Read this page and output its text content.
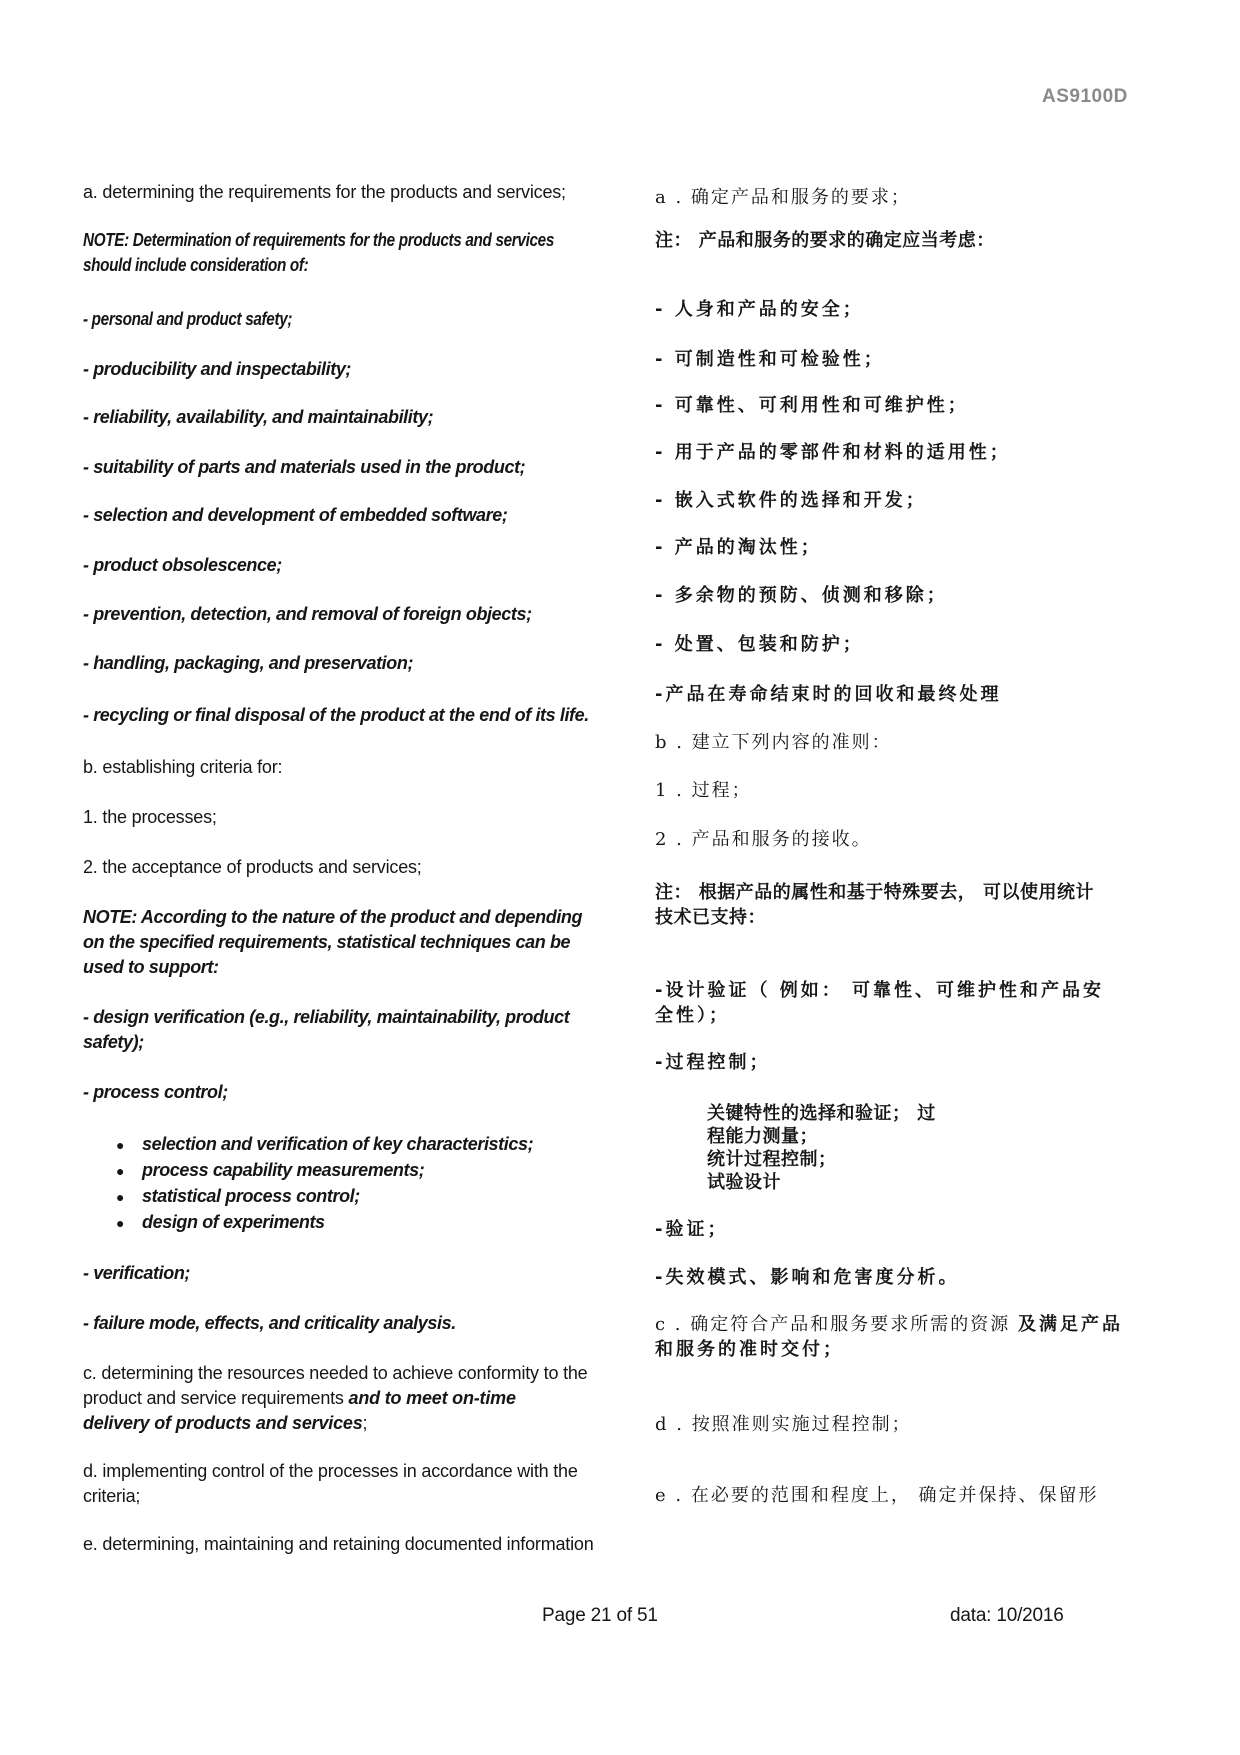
AS9100D
a. determining the requirements for the products and services;
NOTE: Determination of requirements for the products and services
should include consideration of:
- personal and product safety;
- producibility and inspectability;
- reliability, availability, and maintainability;
- suitability of parts and materials used in the product;
- selection and development of embedded software;
- product obsolescence;
- prevention, detection, and removal of foreign objects;
- handling, packaging, and preservation;
- recycling or final disposal of the product at the end of its life.
b. establishing criteria for:
1. the processes;
2. the acceptance of products and services;
NOTE: According to the nature of the product and depending
on the specified requirements, statistical techniques can be
used to support:
- design verification (e.g., reliability, maintainability, product
safety);
- process control;
● selection and verification of key characteristics;
● process capability measurements;
● statistical process control;
● design of experiments
- verification;
- failure mode, effects, and criticality analysis.
c. determining the resources needed to achieve conformity to the
product and service requirements and to meet on-time
delivery of products and services;
d. implementing control of the processes in accordance with the
criteria;
e. determining, maintaining and retaining documented information
a . 确定产品和服务的要求；
注： 产品和服务的要求的确定应当考虑：
- 人身和产品的安全；
- 可制造性和可检验性；
- 可靠性、可利用性和可维护性；
- 用于产品的零部件和材料的适用性；
- 嵌入式软件的选择和开发；
- 产品的淘汰性；
- 多余物的预防、侦测和移除；
- 处置、包装和防护；
-产品在寿命结束时的回收和最终处理
b . 建立下列内容的准则：
1 . 过程；
2 . 产品和服务的接收。
注： 根据产品的属性和基于特殊要去， 可以使用统计
技术已支持：
-设计验证（ 例如： 可靠性、可维护性和产品安
全性）；
-过程控制；
关键特性的选择和验证； 过
程能力测量；
统计过程控制；
试验设计
-验证；
-失效模式、影响和危害度分析。
c . 确定符合产品和服务要求所需的资源 及满足产品
和服务的准时交付；
d . 按照准则实施过程控制；
e . 在必要的范围和程度上， 确定并保持、保留形
Page 21 of 51	data: 10/2016
